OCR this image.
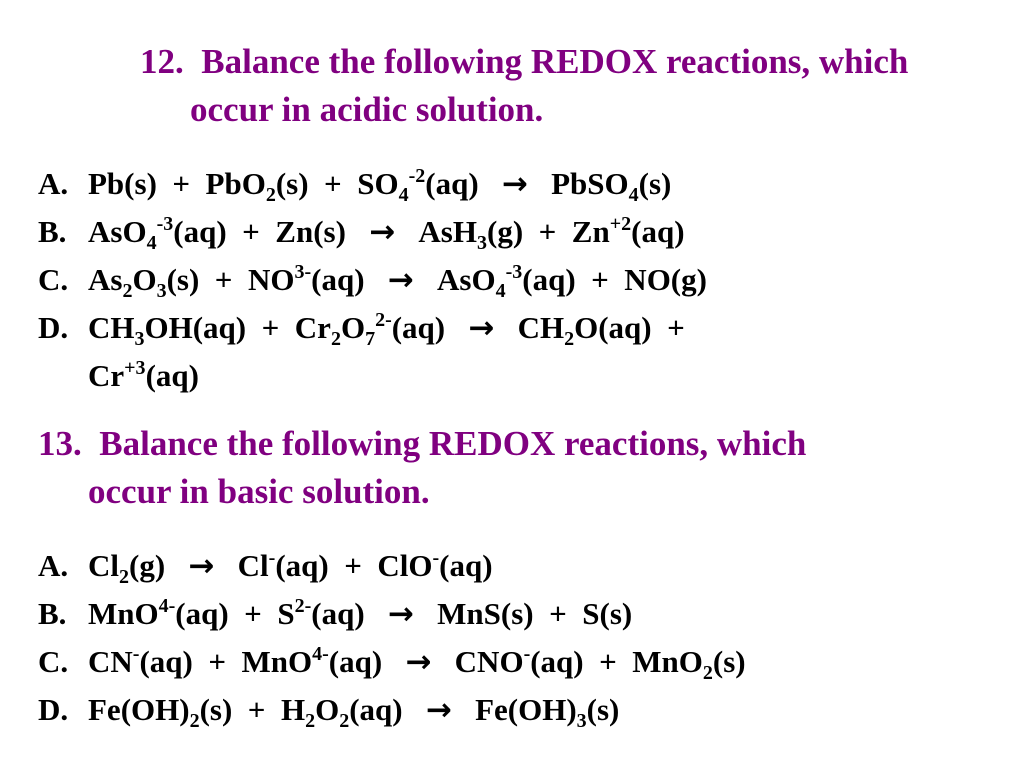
12. Balance the following REDOX reactions, which
occur in acidic solution.
A. $Pb(s) + PbO_2(s) + SO_4^{-2}(aq)$   →   PbSO$_4$(s)
B. $AsO_4^{-3}(aq) + Zn(s) \to AsH_3(g) + Zn^{+2}(aq)$
C. $As_2O_3(s) + NO^{3-}(aq) \to AsO_4^{-3}(aq) + NO(g)$
D. $CH_3OH(aq) + Cr_2O_7^{2-}(aq) \to CH_2O(aq)$  +
$Cr^{+3}(aq)$
13. Balance the following REDOX reactions, which
occur in basic solution.
A. $Cl_2(g) \to Cl^-(aq) + ClO^-(aq)$
B. $MnO^{4-}(aq) + S^{2-}(aq) \to MnS(s) + S(s)$
C. CN-(aq)  +  MnO$^{4-}$(aq)   →   CNO-(aq)  +  MnO$_2$(s)
D. $Fe(OH)_2(s) + H_2O_2(aq) \to Fe(OH)_3(s)$
